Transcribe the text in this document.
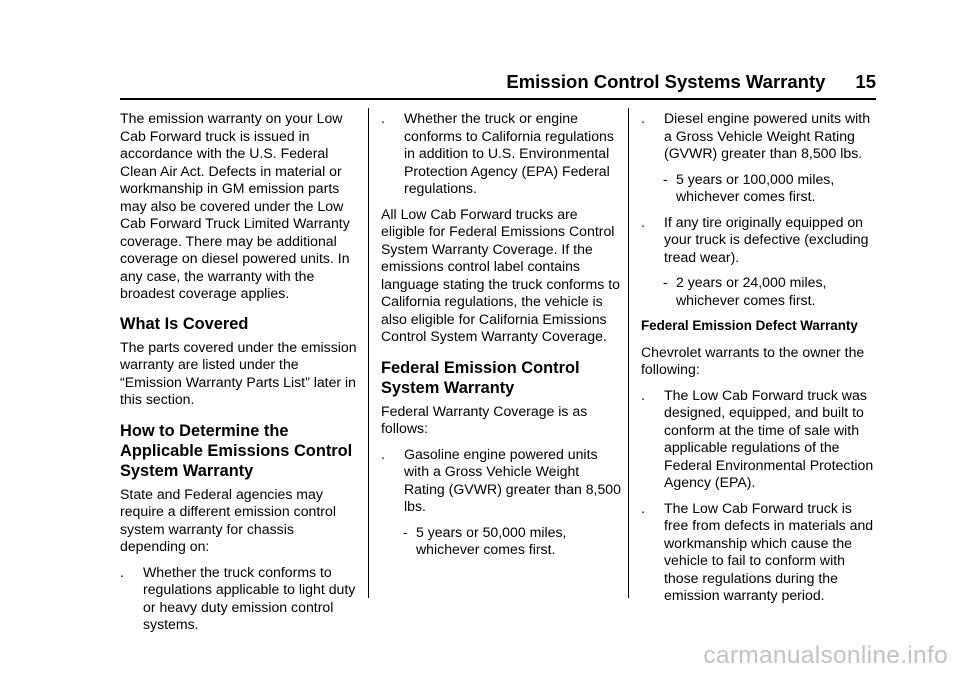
Emission Control Systems Warranty 15

The emission warranty on your Low Cab Forward truck is issued in accordance with the U.S. Federal Clean Air Act. Defects in material or workmanship in GM emission parts may also be covered under the Low Cab Forward Truck Limited Warranty coverage. There may be additional coverage on diesel powered units. In any case, the warranty with the broadest coverage applies.

What Is Covered

The parts covered under the emission warranty are listed under the “Emission Warranty Parts List” later in this section.

How to Determine the Applicable Emissions Control System Warranty

State and Federal agencies may require a different emission control system warranty for chassis depending on:

.	Whether the truck conforms to regulations applicable to light duty or heavy duty emission control systems.
.	Whether the truck or engine conforms to California regulations in addition to U.S. Environmental Protection Agency (EPA) Federal regulations.

All Low Cab Forward trucks are eligible for Federal Emissions Control System Warranty Coverage. If the emissions control label contains language stating the truck conforms to California regulations, the vehicle is also eligible for California Emissions Control System Warranty Coverage.

Federal Emission Control System Warranty

Federal Warranty Coverage is as follows:

.	Gasoline engine powered units with a Gross Vehicle Weight Rating (GVWR) greater than 8,500 lbs.
- 5 years or 50,000 miles, whichever comes first.
.	Diesel engine powered units with a Gross Vehicle Weight Rating (GVWR) greater than 8,500 lbs.
- 5 years or 100,000 miles, whichever comes first.
.	If any tire originally equipped on your truck is defective (excluding tread wear).
- 2 years or 24,000 miles, whichever comes first.
Federal Emission Defect Warranty

Chevrolet warrants to the owner the following:

.	The Low Cab Forward truck was designed, equipped, and built to conform at the time of sale with applicable regulations of the Federal Environmental Protection Agency (EPA).
.	The Low Cab Forward truck is free from defects in materials and workmanship which cause the vehicle to fail to conform with those regulations during the emission warranty period.
carmanualsonline.info
